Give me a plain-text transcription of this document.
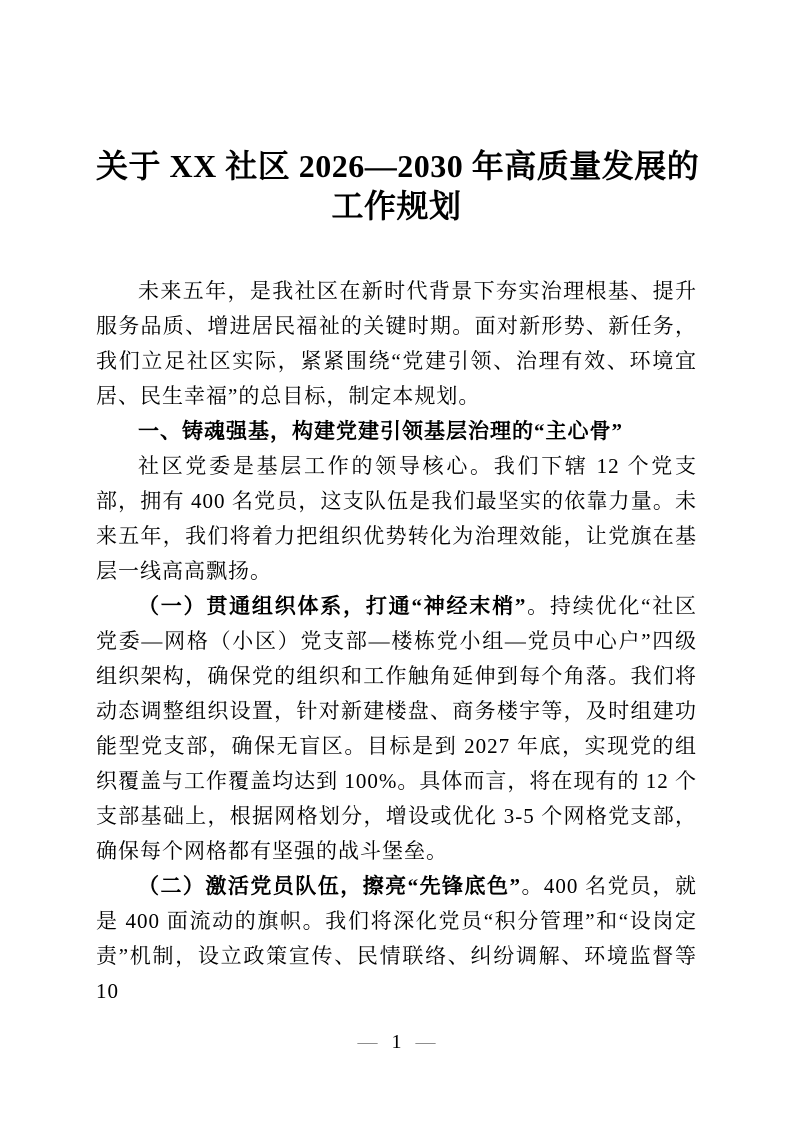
关于 XX 社区 2026—2030 年高质量发展的
工作规划

未来五年，是我社区在新时代背景下夯实治理根基、提升服务品质、增进居民福祉的关键时期。面对新形势、新任务，我们立足社区实际，紧紧围绕“党建引领、治理有效、环境宜居、民生幸福”的总目标，制定本规划。

一、铸魂强基，构建党建引领基层治理的“主心骨”

社区党委是基层工作的领导核心。我们下辖 12 个党支部，拥有 400 名党员，这支队伍是我们最坚实的依靠力量。未来五年，我们将着力把组织优势转化为治理效能，让党旗在基层一线高高飘扬。

（一）贯通组织体系，打通“神经末梢”。持续优化“社区党委—网格（小区）党支部—楼栋党小组—党员中心户”四级组织架构，确保党的组织和工作触角延伸到每个角落。我们将动态调整组织设置，针对新建楼盘、商务楼宇等，及时组建功能型党支部，确保无盲区。目标是到 2027 年底，实现党的组织覆盖与工作覆盖均达到 100%。具体而言，将在现有的 12 个支部基础上，根据网格划分，增设或优化 3-5 个网格党支部，确保每个网格都有坚强的战斗堡垒。

（二）激活党员队伍，擦亮“先锋底色”。400 名党员，就是 400 面流动的旗帜。我们将深化党员“积分管理”和“设岗定责”机制，设立政策宣传、民情联络、纠纷调解、环境监督等 10

— 1 —
